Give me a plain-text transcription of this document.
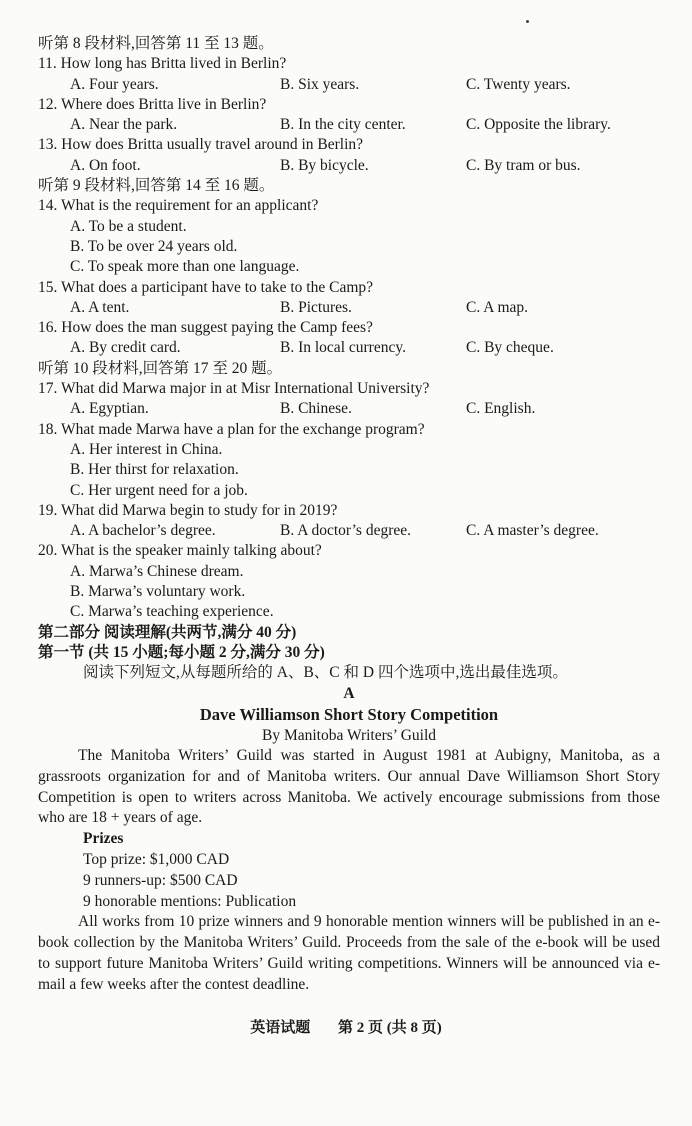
听第 8 段材料,回答第 11 至 13 题。
11. How long has Britta lived in Berlin?
A. Four years.	B. Six years.	C. Twenty years.
12. Where does Britta live in Berlin?
A. Near the park.	B. In the city center.	C. Opposite the library.
13. How does Britta usually travel around in Berlin?
A. On foot.	B. By bicycle.	C. By tram or bus.
听第 9 段材料,回答第 14 至 16 题。
14. What is the requirement for an applicant?
A. To be a student.
B. To be over 24 years old.
C. To speak more than one language.
15. What does a participant have to take to the Camp?
A. A tent.	B. Pictures.	C. A map.
16. How does the man suggest paying the Camp fees?
A. By credit card.	B. In local currency.	C. By cheque.
听第 10 段材料,回答第 17 至 20 题。
17. What did Marwa major in at Misr International University?
A. Egyptian.	B. Chinese.	C. English.
18. What made Marwa have a plan for the exchange program?
A. Her interest in China.
B. Her thirst for relaxation.
C. Her urgent need for a job.
19. What did Marwa begin to study for in 2019?
A. A bachelor’s degree.	B. A doctor’s degree.	C. A master’s degree.
20. What is the speaker mainly talking about?
A. Marwa’s Chinese dream.
B. Marwa’s voluntary work.
C. Marwa’s teaching experience.
第二部分 阅读理解(共两节,满分 40 分)
第一节 (共 15 小题;每小题 2 分,满分 30 分)
阅读下列短文,从每题所给的 A、B、C 和 D 四个选项中,选出最佳选项。
A
Dave Williamson Short Story Competition
By Manitoba Writers’ Guild
The Manitoba Writers’ Guild was started in August 1981 at Aubigny, Manitoba, as a grassroots organization for and of Manitoba writers. Our annual Dave Williamson Short Story Competition is open to writers across Manitoba. We actively encourage submissions from those who are 18 + years of age.
Prizes
Top prize: $1,000 CAD
9 runners-up: $500 CAD
9 honorable mentions: Publication
All works from 10 prize winners and 9 honorable mention winners will be published in an e-book collection by the Manitoba Writers’ Guild. Proceeds from the sale of the e-book will be used to support future Manitoba Writers’ Guild writing competitions. Winners will be announced via e-mail a few weeks after the contest deadline.
英语试题 第 2 页 (共 8 页)
